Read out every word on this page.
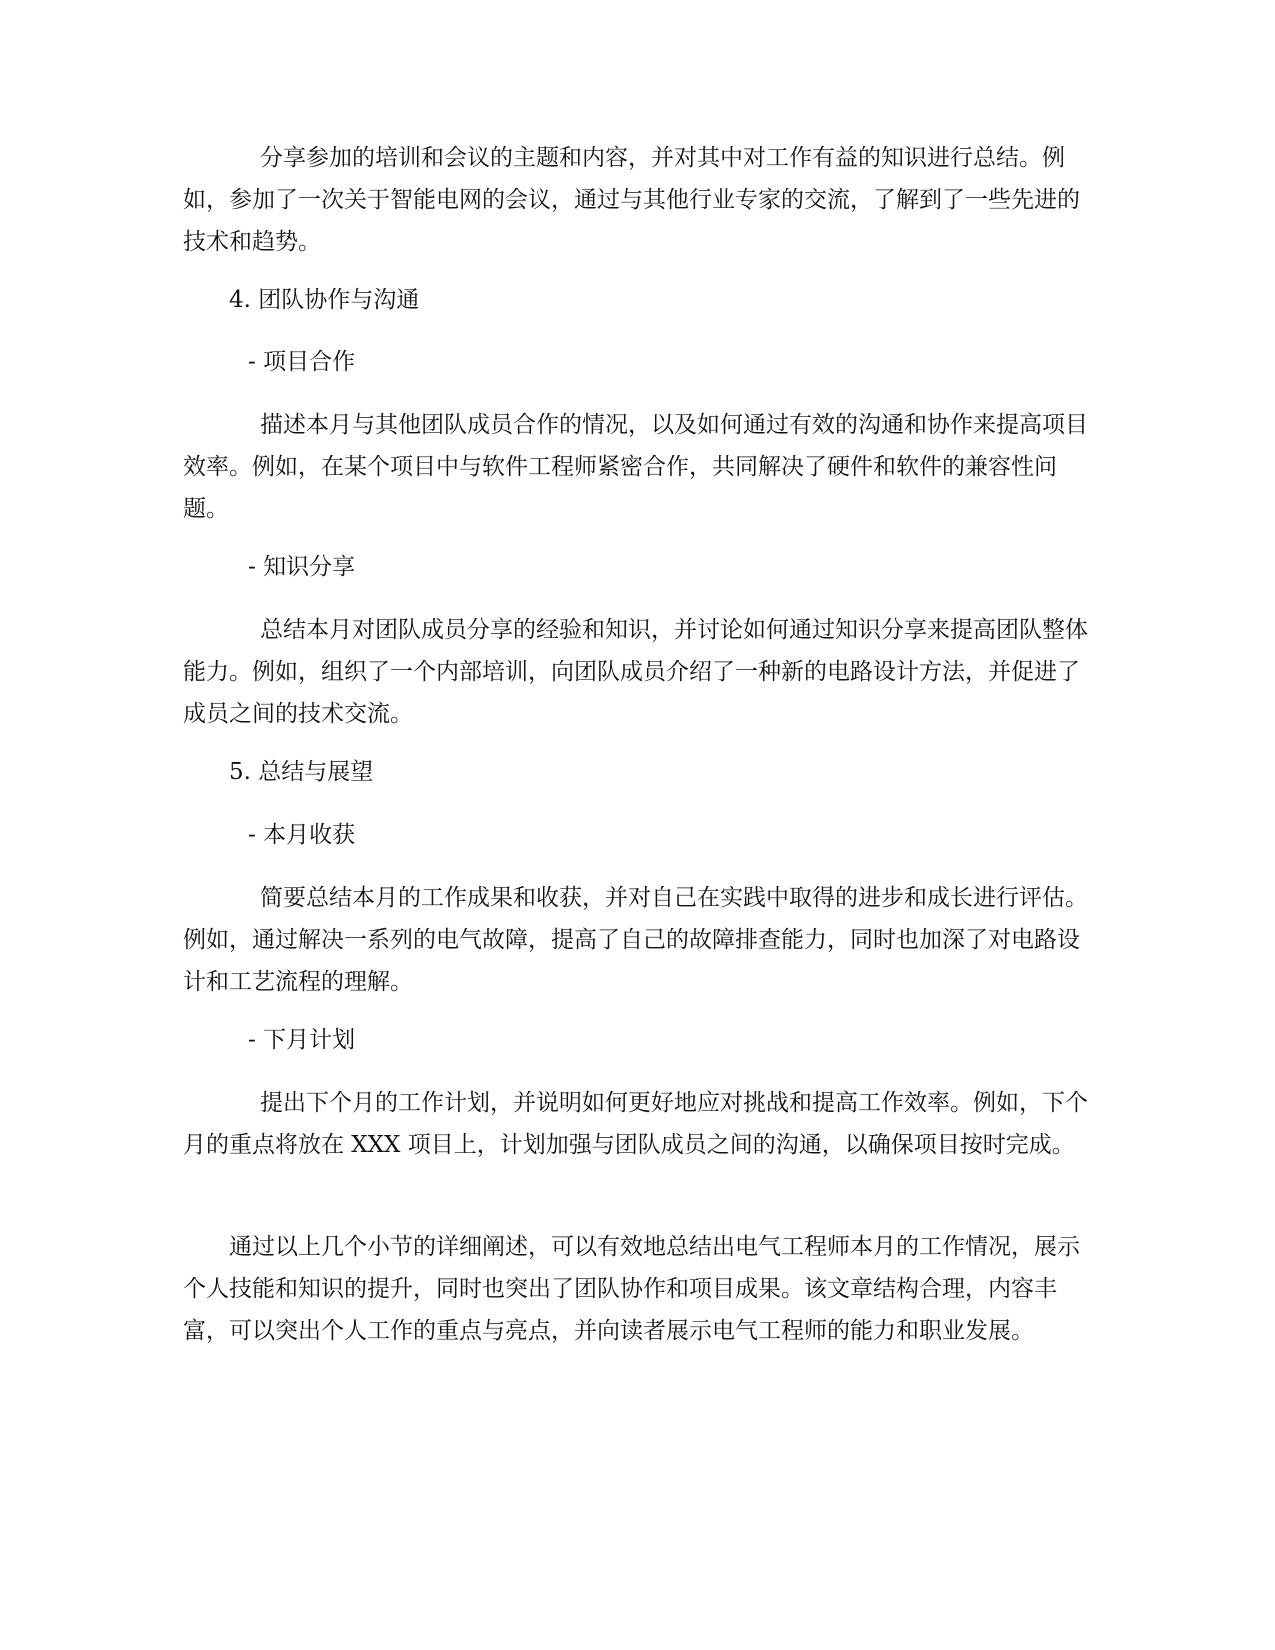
分享参加的培训和会议的主题和内容，并对其中对工作有益的知识进行总结。例如，参加了一次关于智能电网的会议，通过与其他行业专家的交流，了解到了一些先进的技术和趋势。

4. 团队协作与沟通

- 项目合作

描述本月与其他团队成员合作的情况，以及如何通过有效的沟通和协作来提高项目效率。例如，在某个项目中与软件工程师紧密合作，共同解决了硬件和软件的兼容性问题。

- 知识分享

总结本月对团队成员分享的经验和知识，并讨论如何通过知识分享来提高团队整体能力。例如，组织了一个内部培训，向团队成员介绍了一种新的电路设计方法，并促进了成员之间的技术交流。

5. 总结与展望

- 本月收获

简要总结本月的工作成果和收获，并对自己在实践中取得的进步和成长进行评估。例如，通过解决一系列的电气故障，提高了自己的故障排查能力，同时也加深了对电路设计和工艺流程的理解。

- 下月计划

提出下个月的工作计划，并说明如何更好地应对挑战和提高工作效率。例如，下个月的重点将放在 XXX 项目上，计划加强与团队成员之间的沟通，以确保项目按时完成。

通过以上几个小节的详细阐述，可以有效地总结出电气工程师本月的工作情况，展示个人技能和知识的提升，同时也突出了团队协作和项目成果。该文章结构合理，内容丰富，可以突出个人工作的重点与亮点，并向读者展示电气工程师的能力和职业发展。
